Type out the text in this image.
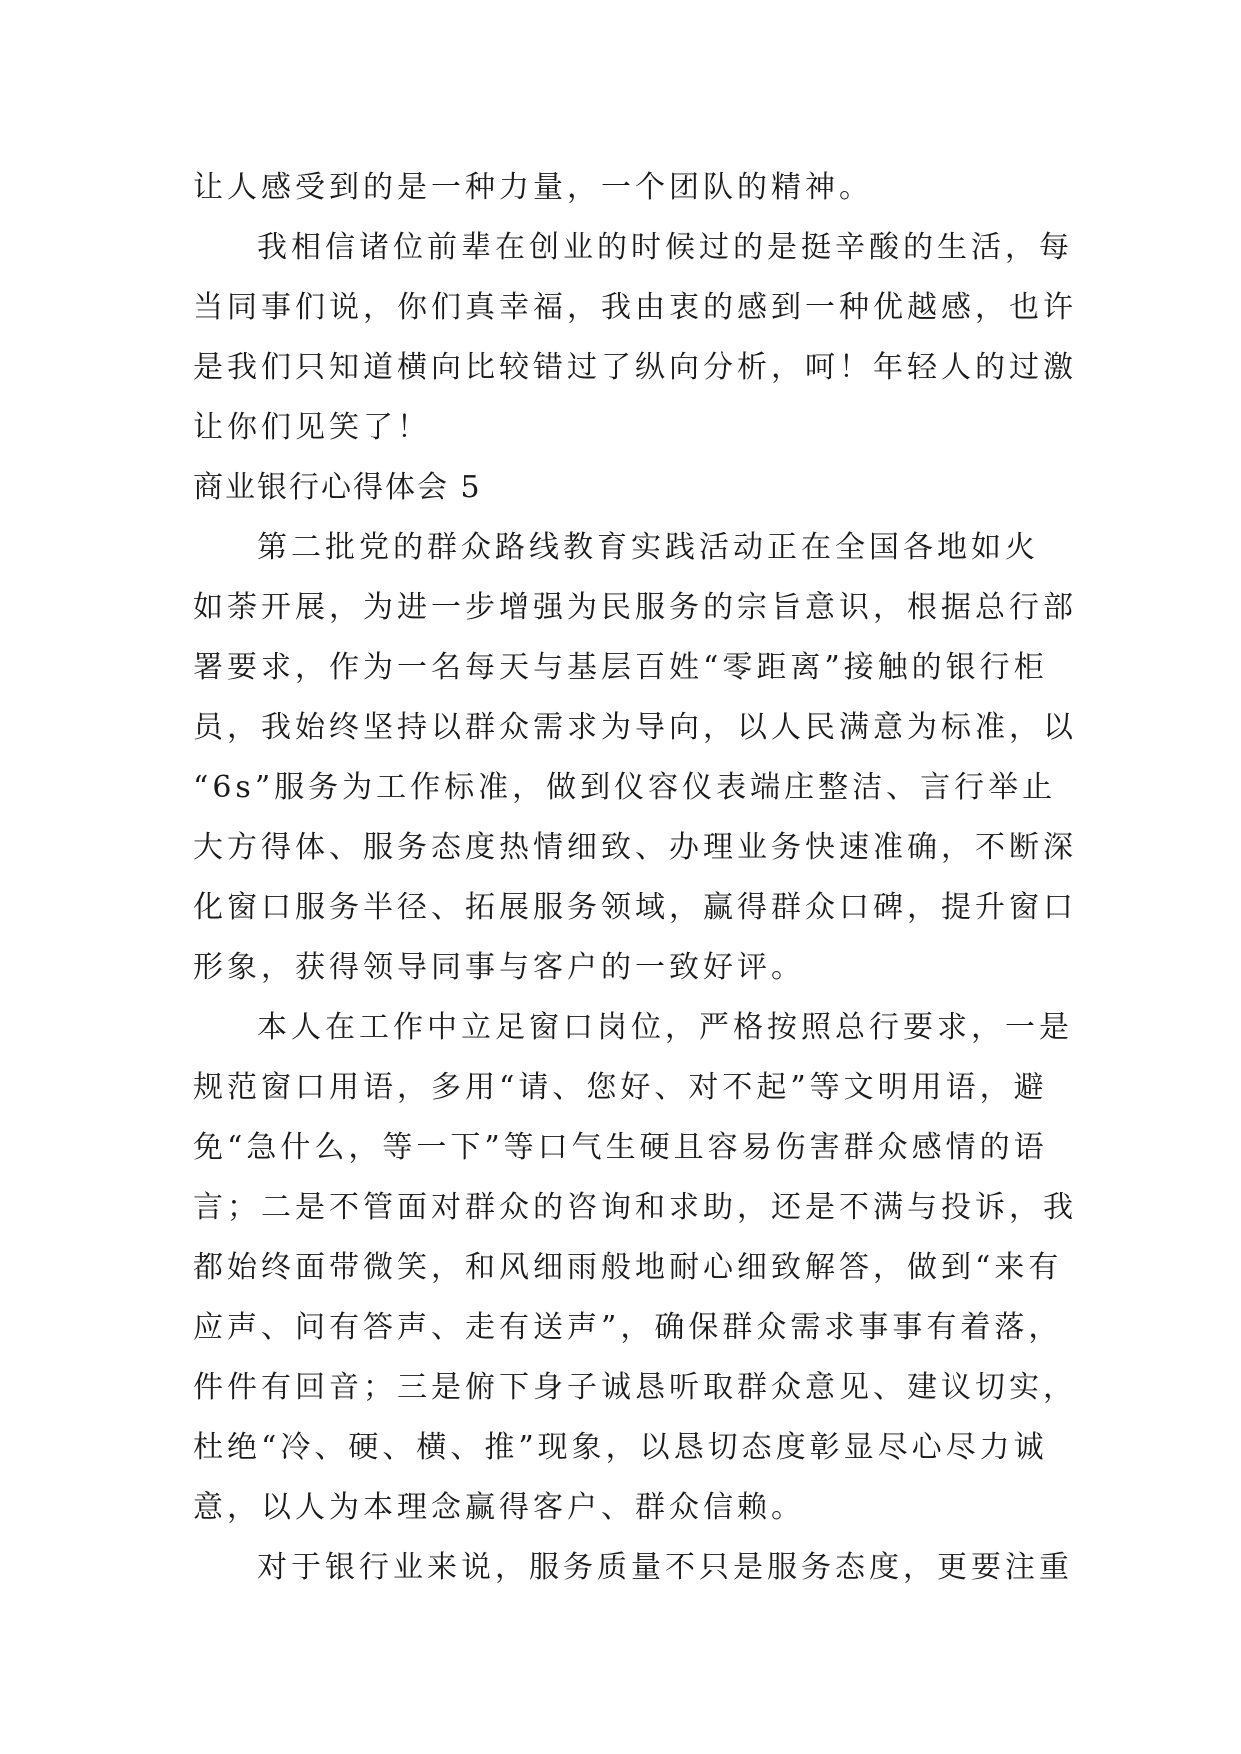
让人感受到的是一种力量，一个团队的精神。
我相信诸位前辈在创业的时候过的是挺辛酸的生活，每
当同事们说，你们真幸福，我由衷的感到一种优越感，也许
是我们只知道横向比较错过了纵向分析，呵！年轻人的过激
让你们见笑了！
商业银行心得体会 5
第二批党的群众路线教育实践活动正在全国各地如火
如荼开展，为进一步增强为民服务的宗旨意识，根据总行部
署要求，作为一名每天与基层百姓“零距离”接触的银行柜
员，我始终坚持以群众需求为导向，以人民满意为标准，以
“6s”服务为工作标准，做到仪容仪表端庄整洁、言行举止
大方得体、服务态度热情细致、办理业务快速准确，不断深
化窗口服务半径、拓展服务领域，赢得群众口碑，提升窗口
形象，获得领导同事与客户的一致好评。
本人在工作中立足窗口岗位，严格按照总行要求，一是
规范窗口用语，多用“请、您好、对不起”等文明用语，避
免“急什么，等一下”等口气生硬且容易伤害群众感情的语
言；二是不管面对群众的咨询和求助，还是不满与投诉，我
都始终面带微笑，和风细雨般地耐心细致解答，做到“来有
应声、问有答声、走有送声”，确保群众需求事事有着落，
件件有回音；三是俯下身子诚恳听取群众意见、建议切实，
杜绝“冷、硬、横、推”现象，以恳切态度彰显尽心尽力诚
意，以人为本理念赢得客户、群众信赖。
对于银行业来说，服务质量不只是服务态度，更要注重
